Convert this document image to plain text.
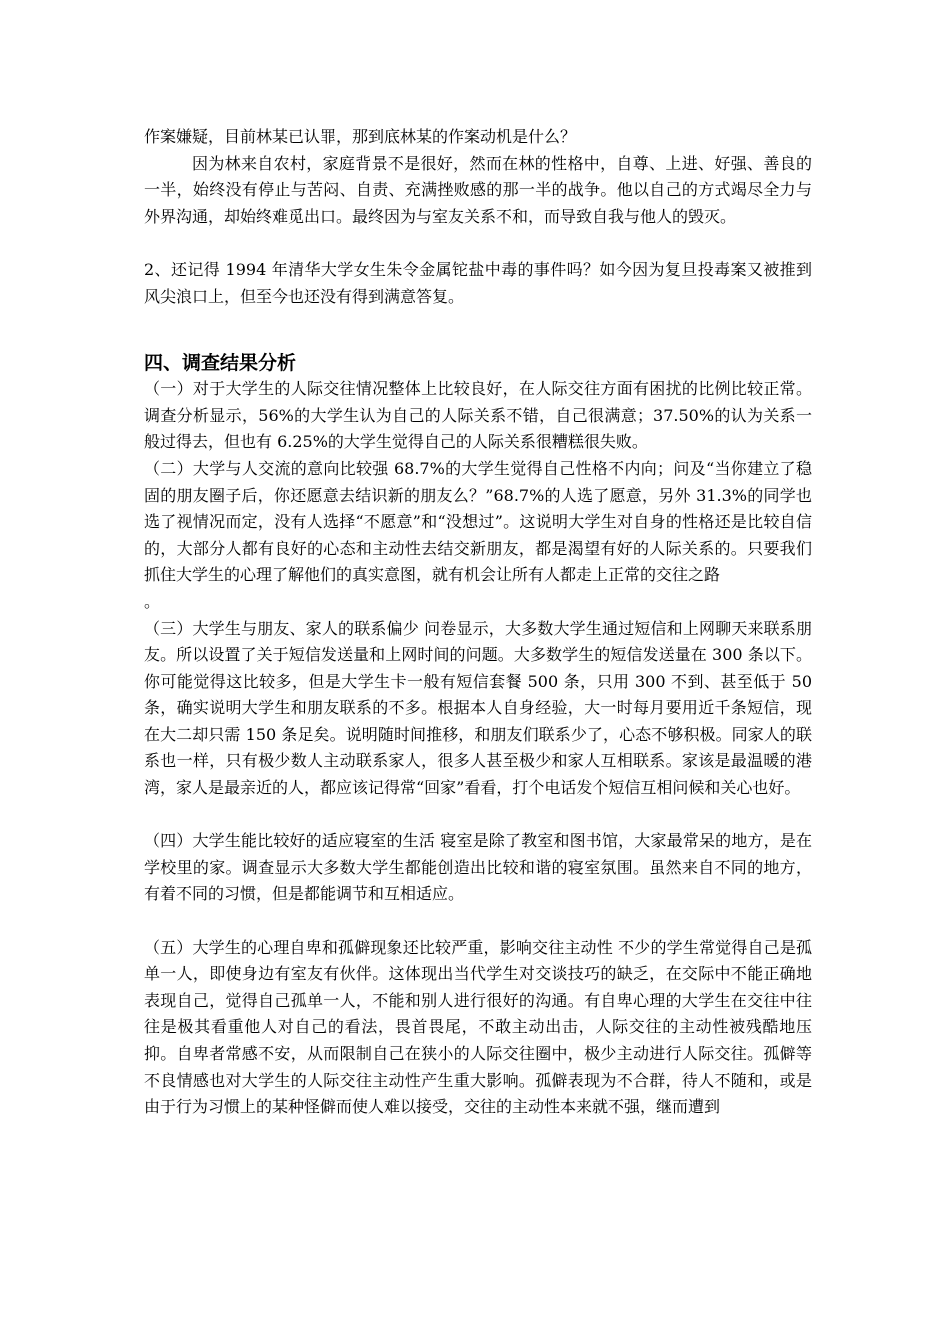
作案嫌疑，目前林某已认罪，那到底林某的作案动机是什么？

因为林来自农村，家庭背景不是很好，然而在林的性格中，自尊、上进、好强、善良的一半，始终没有停止与苦闷、自责、充满挫败感的那一半的战争。他以自己的方式竭尽全力与外界沟通，却始终难觅出口。最终因为与室友关系不和，而导致自我与他人的毁灭。

2、还记得 1994 年清华大学女生朱令金属铊盐中毒的事件吗？如今因为复旦投毒案又被推到风尖浪口上，但至今也还没有得到满意答复。

四、调查结果分析

（一）对于大学生的人际交往情况整体上比较良好，在人际交往方面有困扰的比例比较正常。 调查分析显示，56%的大学生认为自己的人际关系不错，自己很满意；37.50%的认为关系一般过得去，但也有 6.25%的大学生觉得自己的人际关系很糟糕很失败。

（二）大学与人交流的意向比较强 68.7%的大学生觉得自己性格不内向；问及“当你建立了稳固的朋友圈子后，你还愿意去结识新的朋友么？”68.7%的人选了愿意，另外 31.3%的同学也选了视情况而定，没有人选择“不愿意”和“没想过”。这说明大学生对自身的性格还是比较自信的，大部分人都有良好的心态和主动性去结交新朋友，都是渴望有好的人际关系的。只要我们抓住大学生的心理了解他们的真实意图，就有机会让所有人都走上正常的交往之路

。

（三）大学生与朋友、家人的联系偏少 问卷显示，大多数大学生通过短信和上网聊天来联系朋友。所以设置了关于短信发送量和上网时间的问题。大多数学生的短信发送量在 300 条以下。你可能觉得这比较多，但是大学生卡一般有短信套餐 500 条，只用 300 不到、甚至低于 50 条，确实说明大学生和朋友联系的不多。根据本人自身经验，大一时每月要用近千条短信，现在大二却只需 150 条足矣。说明随时间推移，和朋友们联系少了，心态不够积极。同家人的联系也一样，只有极少数人主动联系家人，很多人甚至极少和家人互相联系。家该是最温暖的港湾，家人是最亲近的人，都应该记得常“回家”看看，打个电话发个短信互相问候和关心也好。

（四）大学生能比较好的适应寝室的生活 寝室是除了教室和图书馆，大家最常呆的地方，是在学校里的家。调查显示大多数大学生都能创造出比较和谐的寝室氛围。虽然来自不同的地方，有着不同的习惯，但是都能调节和互相适应。

（五）大学生的心理自卑和孤僻现象还比较严重，影响交往主动性 不少的学生常觉得自己是孤单一人，即使身边有室友有伙伴。这体现出当代学生对交谈技巧的缺乏，在交际中不能正确地表现自己，觉得自己孤单一人，不能和别人进行很好的沟通。有自卑心理的大学生在交往中往往是极其看重他人对自己的看法，畏首畏尾，不敢主动出击，人际交往的主动性被残酷地压抑。自卑者常感不安，从而限制自己在狭小的人际交往圈中，极少主动进行人际交往。孤僻等不良情感也对大学生的人际交往主动性产生重大影响。孤僻表现为不合群，待人不随和，或是由于行为习惯上的某种怪僻而使人难以接受，交往的主动性本来就不强，继而遭到
